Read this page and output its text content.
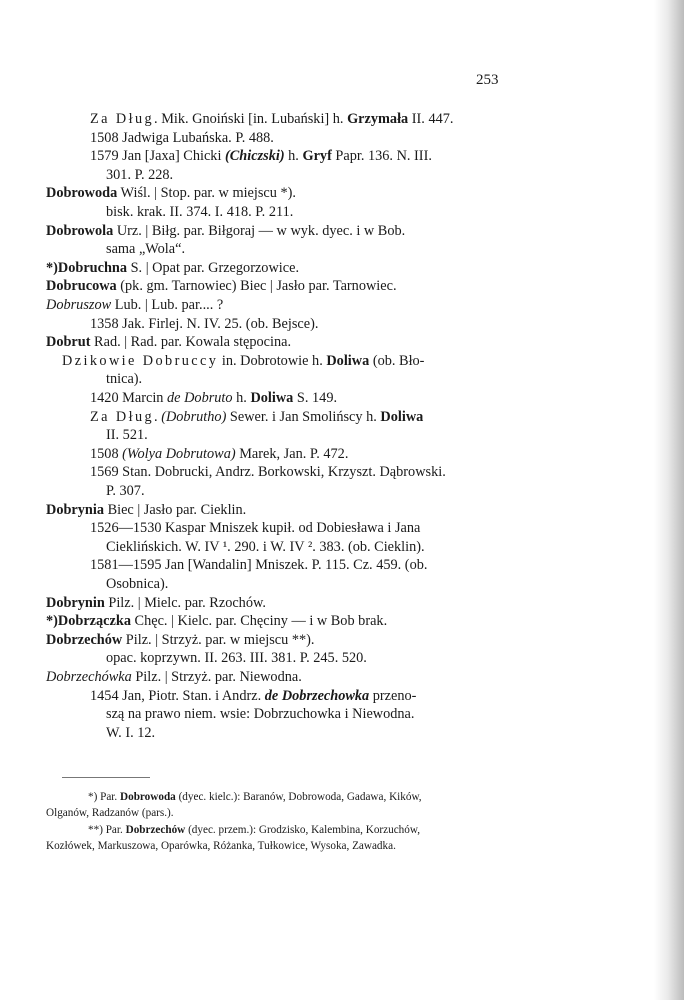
253
Za Dług. Mik. Gnoiński [in. Lubański] h. Grzymała II. 447.
1508 Jadwiga Lubańska. P. 488.
1579 Jan [Jaxa] Chicki (Chiczski) h. Gryf Papr. 136. N. III.
301. P. 228.
Dobrowoda Wiśl. | Stop. par. w miejscu *).
bisk. krak. II. 374. I. 418. P. 211.
Dobrowola Urz. | Biłg. par. Biłgoraj — w wyk. dyec. i w Bob.
sama „Wola“.
*)Dobruchna S. | Opat par. Grzegorzowice.
Dobrucowa (pk. gm. Tarnowiec) Biec | Jasło par. Tarnowiec.
Dobruszow Lub. | Lub. par.... ?
1358 Jak. Firlej. N. IV. 25. (ob. Bejsce).
Dobrut Rad. | Rad. par. Kowala stępocina.
Dzikowie Dobruccy in. Dobrotowie h. Doliwa (ob. Bło-
tnica).
1420 Marcin de Dobruto h. Doliwa S. 149.
Za Dług. (Dobrutho) Sewer. i Jan Smolińscy h. Doliwa
II. 521.
1508 (Wolya Dobrutowa) Marek, Jan. P. 472.
1569 Stan. Dobrucki, Andrz. Borkowski, Krzyszt. Dąbrowski.
P. 307.
Dobrynia Biec | Jasło par. Cieklin.
1526—1530 Kaspar Mniszek kupił. od Dobiesława i Jana
Cieklińskich. W. IV ¹. 290. i W. IV ². 383. (ob. Cieklin).
1581—1595 Jan [Wandalin] Mniszek. P. 115. Cz. 459. (ob.
Osobnica).
Dobrynin Pilz. | Mielc. par. Rzochów.
*)Dobrzączka Chęc. | Kielc. par. Chęciny — i w Bob brak.
Dobrzechów Pilz. | Strzyż. par. w miejscu **).
opac. koprzywn. II. 263. III. 381. P. 245. 520.
Dobrzechówka Pilz. | Strzyż. par. Niewodna.
1454 Jan, Piotr. Stan. i Andrz. de Dobrzechowka przeno-
szą na prawo niem. wsie: Dobrzuchowka i Niewodna.
W. I. 12.
*) Par. Dobrowoda (dyec. kielc.): Baranów, Dobrowoda, Gadawa, Kików,
Olganów, Radzanów (pars.).
**) Par. Dobrzechów (dyec. przem.): Grodzisko, Kalembina, Korzuchów,
Kozłówek, Markuszowa, Oparówka, Różanka, Tułkowice, Wysoka, Zawadka.
